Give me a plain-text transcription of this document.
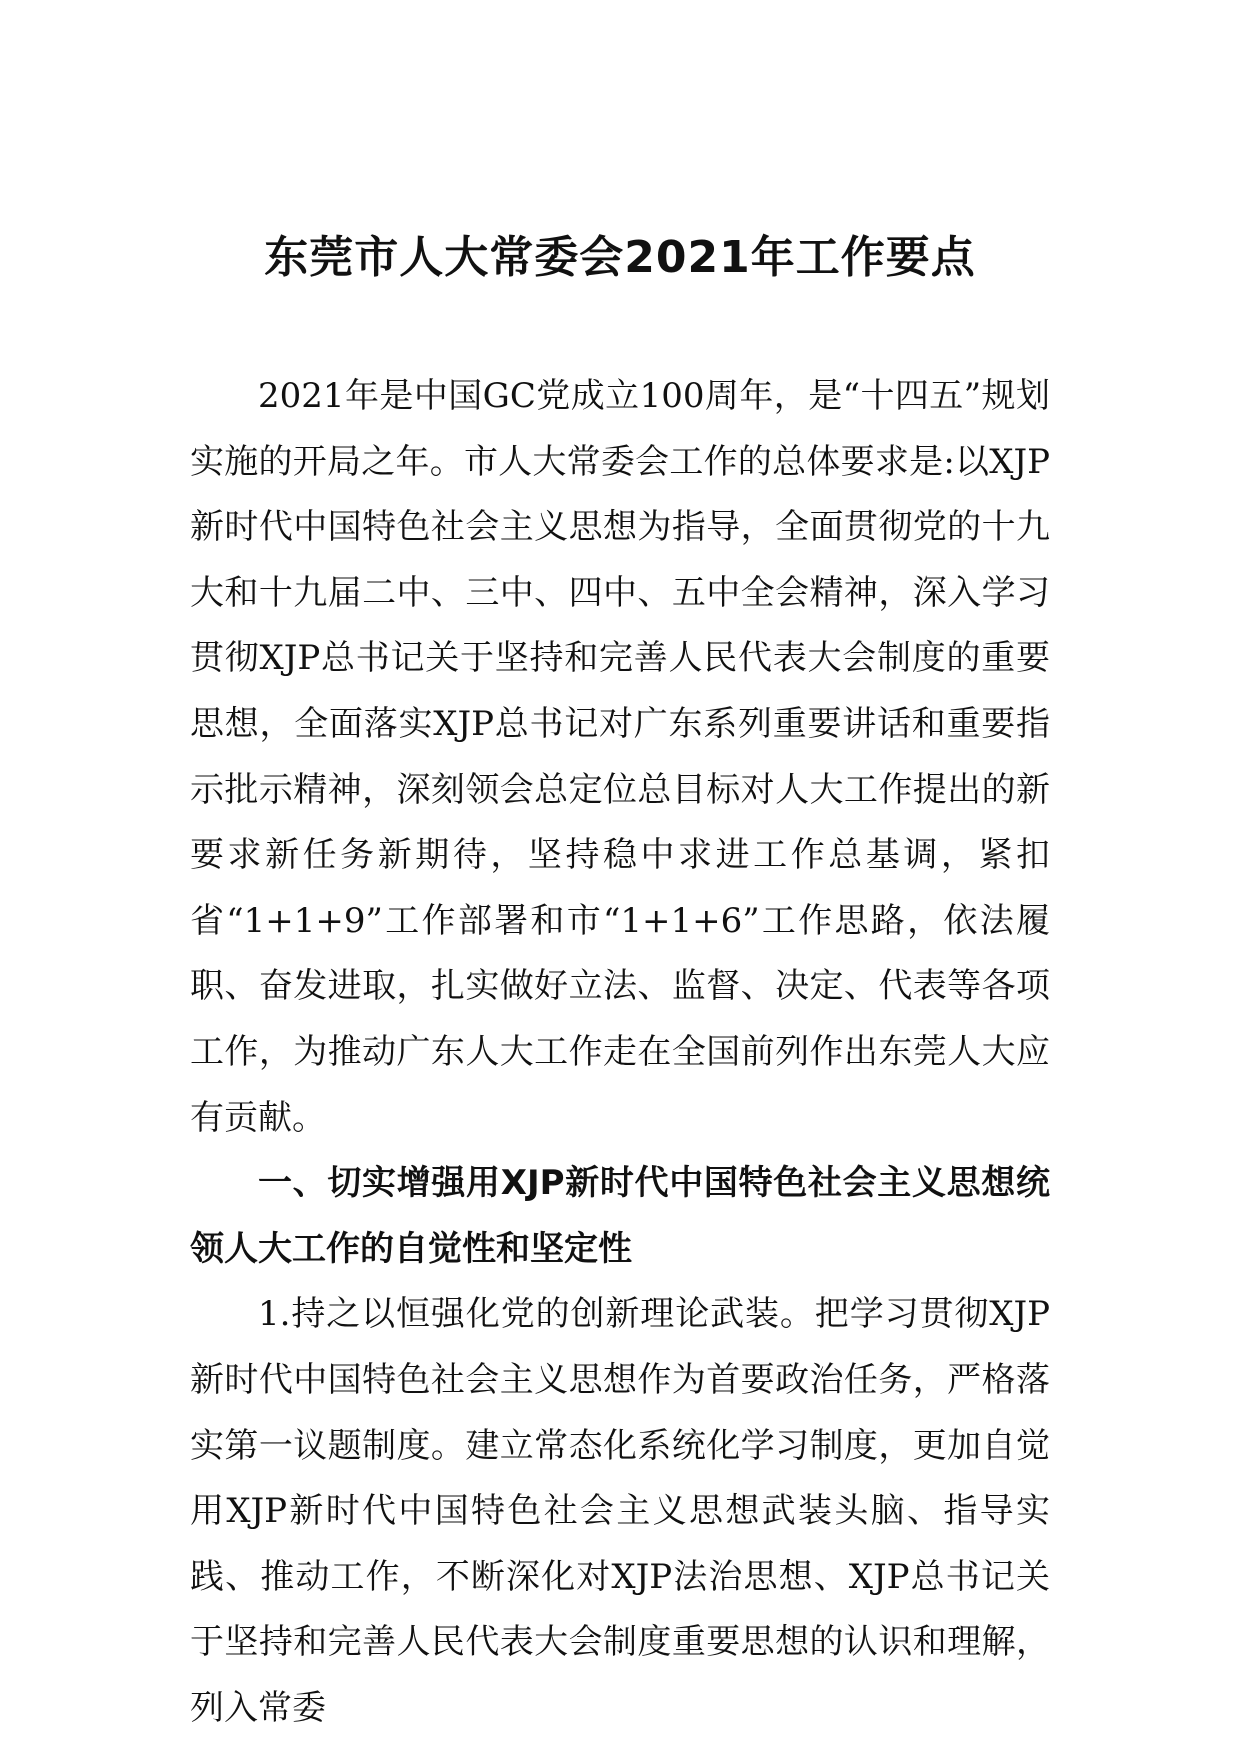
东莞市人大常委会2021年工作要点

2021年是中国GC党成立100周年，是“十四五”规划实施的开局之年。市人大常委会工作的总体要求是:以XJP新时代中国特色社会主义思想为指导，全面贯彻党的十九大和十九届二中、三中、四中、五中全会精神，深入学习贯彻XJP总书记关于坚持和完善人民代表大会制度的重要思想，全面落实XJP总书记对广东系列重要讲话和重要指示批示精神，深刻领会总定位总目标对人大工作提出的新要求新任务新期待，坚持稳中求进工作总基调，紧扣省“1+1+9”工作部署和市“1+1+6”工作思路，依法履职、奋发进取，扎实做好立法、监督、决定、代表等各项工作，为推动广东人大工作走在全国前列作出东莞人大应有贡献。

一、切实增强用XJP新时代中国特色社会主义思想统领人大工作的自觉性和坚定性

1.持之以恒强化党的创新理论武装。把学习贯彻XJP新时代中国特色社会主义思想作为首要政治任务，严格落实第一议题制度。建立常态化系统化学习制度，更加自觉用XJP新时代中国特色社会主义思想武装头脑、指导实践、推动工作，不断深化对XJP法治思想、XJP总书记关于坚持和完善人民代表大会制度重要思想的认识和理解，列入常委
